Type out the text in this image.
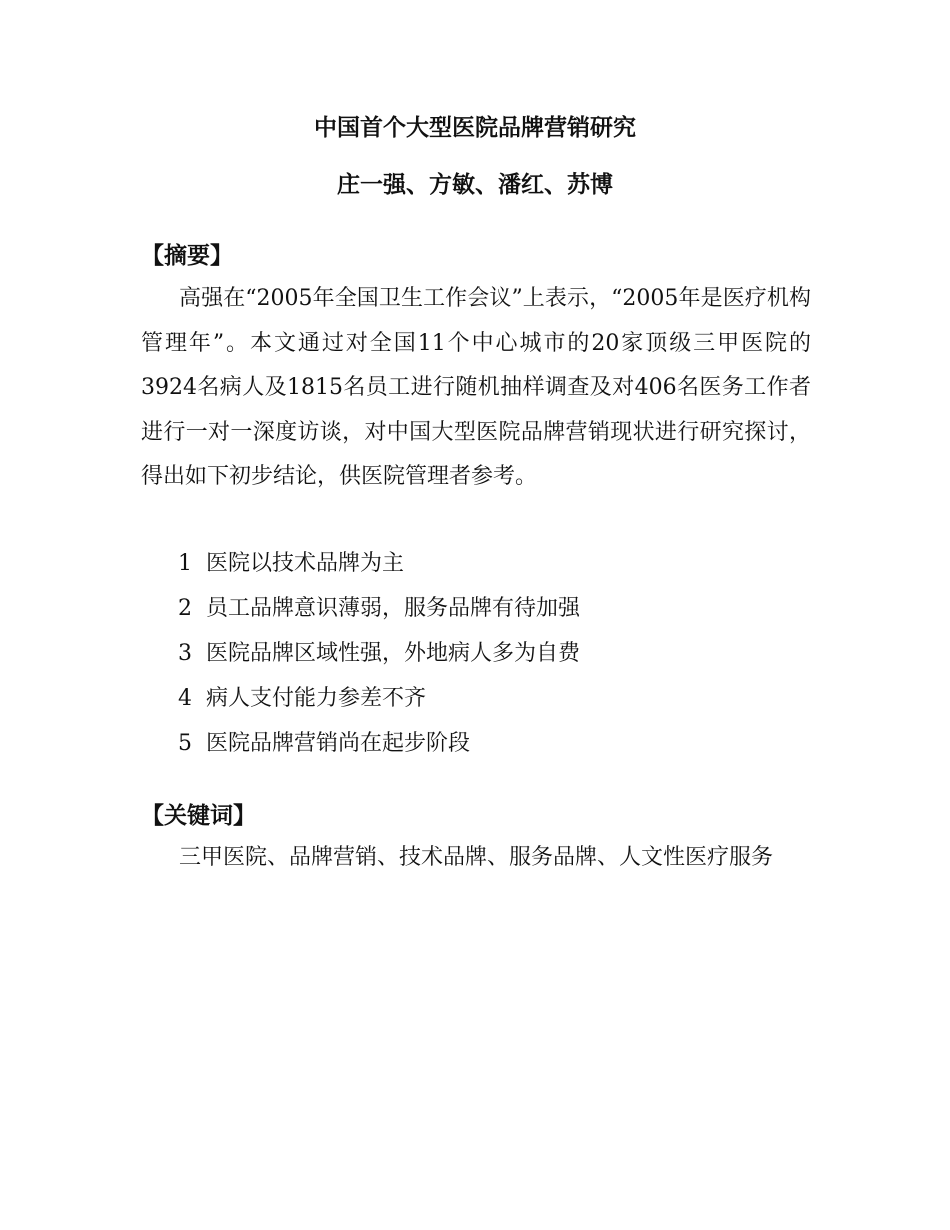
中国首个大型医院品牌营销研究
庄一强、方敏、潘红、苏博
【摘要】

高强在“2005年全国卫生工作会议”上表示，“2005年是医疗机构管理年”。本文通过对全国11个中心城市的20家顶级三甲医院的3924名病人及1815名员工进行随机抽样调查及对406名医务工作者进行一对一深度访谈，对中国大型医院品牌营销现状进行研究探讨，得出如下初步结论，供医院管理者参考。

1 医院以技术品牌为主
2 员工品牌意识薄弱，服务品牌有待加强
3 医院品牌区域性强，外地病人多为自费
4 病人支付能力参差不齐
5 医院品牌营销尚在起步阶段
【关键词】

三甲医院、品牌营销、技术品牌、服务品牌、人文性医疗服务
